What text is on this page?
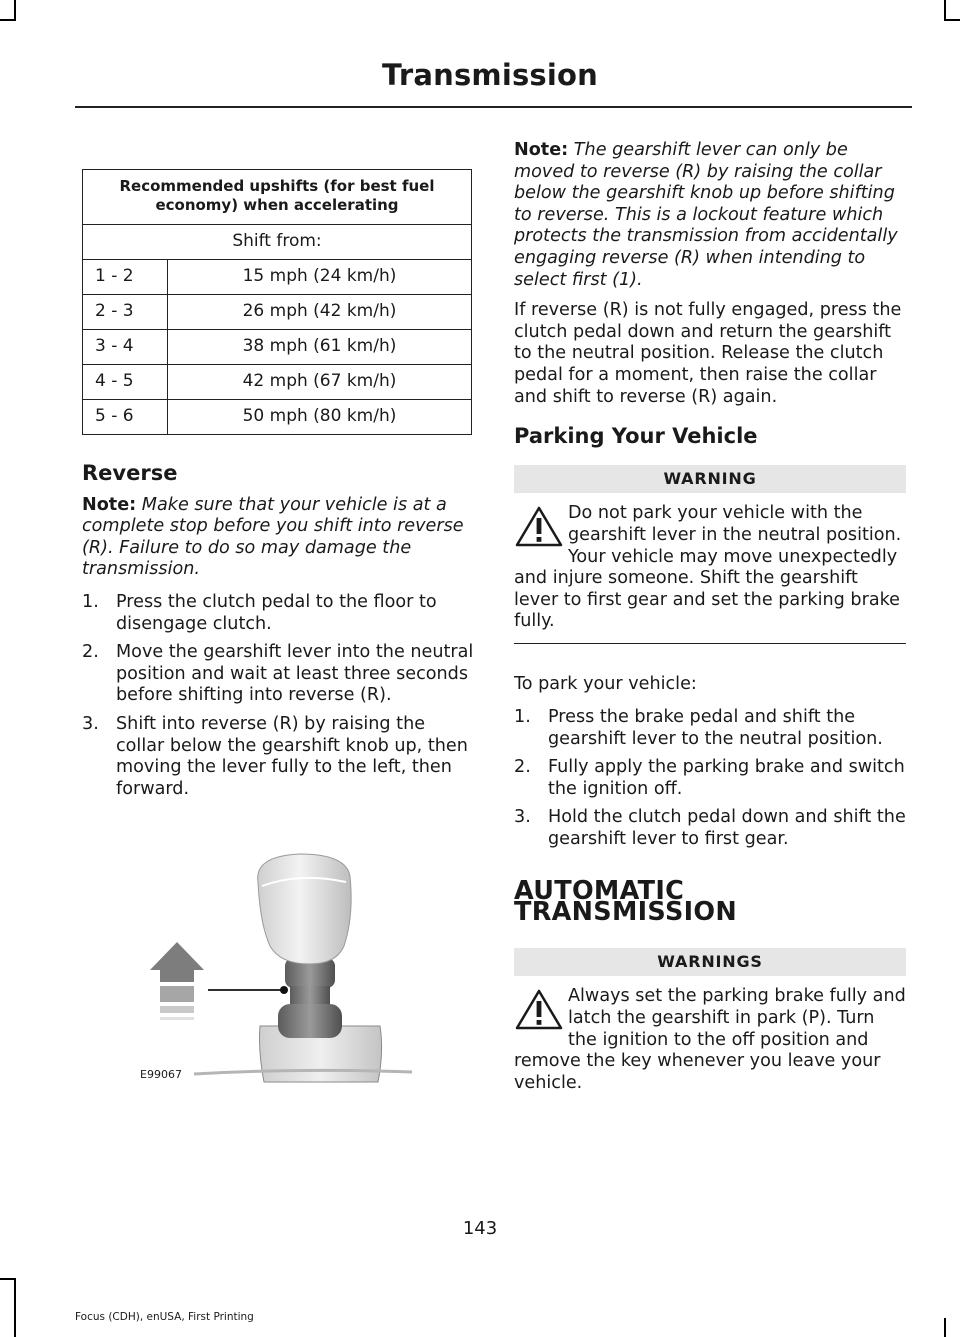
Transmission
Recommended upshifts (for best fuel economy) when accelerating	
Shift from:	
1 - 2	15 mph (24 km/h)
2 - 3	26 mph (42 km/h)
3 - 4	38 mph (61 km/h)
4 - 5	42 mph (67 km/h)
5 - 6	50 mph (80 km/h)
Reverse

Note: Make sure that your vehicle is at a complete stop before you shift into reverse (R). Failure to do so may damage the transmission.

1. Press the clutch pedal to the floor to disengage clutch.
2. Move the gearshift lever into the neutral position and wait at least three seconds before shifting into reverse (R).
3. Shift into reverse (R) by raising the collar below the gearshift knob up, then moving the lever fully to the left, then forward.
E99067

Note: The gearshift lever can only be moved to reverse (R) by raising the collar below the gearshift knob up before shifting to reverse. This is a lockout feature which protects the transmission from accidentally engaging reverse (R) when intending to select first (1).

If reverse (R) is not fully engaged, press the clutch pedal down and return the gearshift to the neutral position. Release the clutch pedal for a moment, then raise the collar and shift to reverse (R) again.

Parking Your Vehicle
WARNING
Do not park your vehicle with the gearshift lever in the neutral position. Your vehicle may move unexpectedly and injure someone. Shift the gearshift lever to first gear and set the parking brake fully.

To park your vehicle:

1. Press the brake pedal and shift the gearshift lever to the neutral position.
2. Fully apply the parking brake and switch the ignition off.
3. Hold the clutch pedal down and shift the gearshift lever to first gear.
AUTOMATIC TRANSMISSION
WARNINGS
Always set the parking brake fully and latch the gearshift in park (P). Turn the ignition to the off position and remove the key whenever you leave your vehicle.
143
Focus (CDH), enUSA, First Printing
